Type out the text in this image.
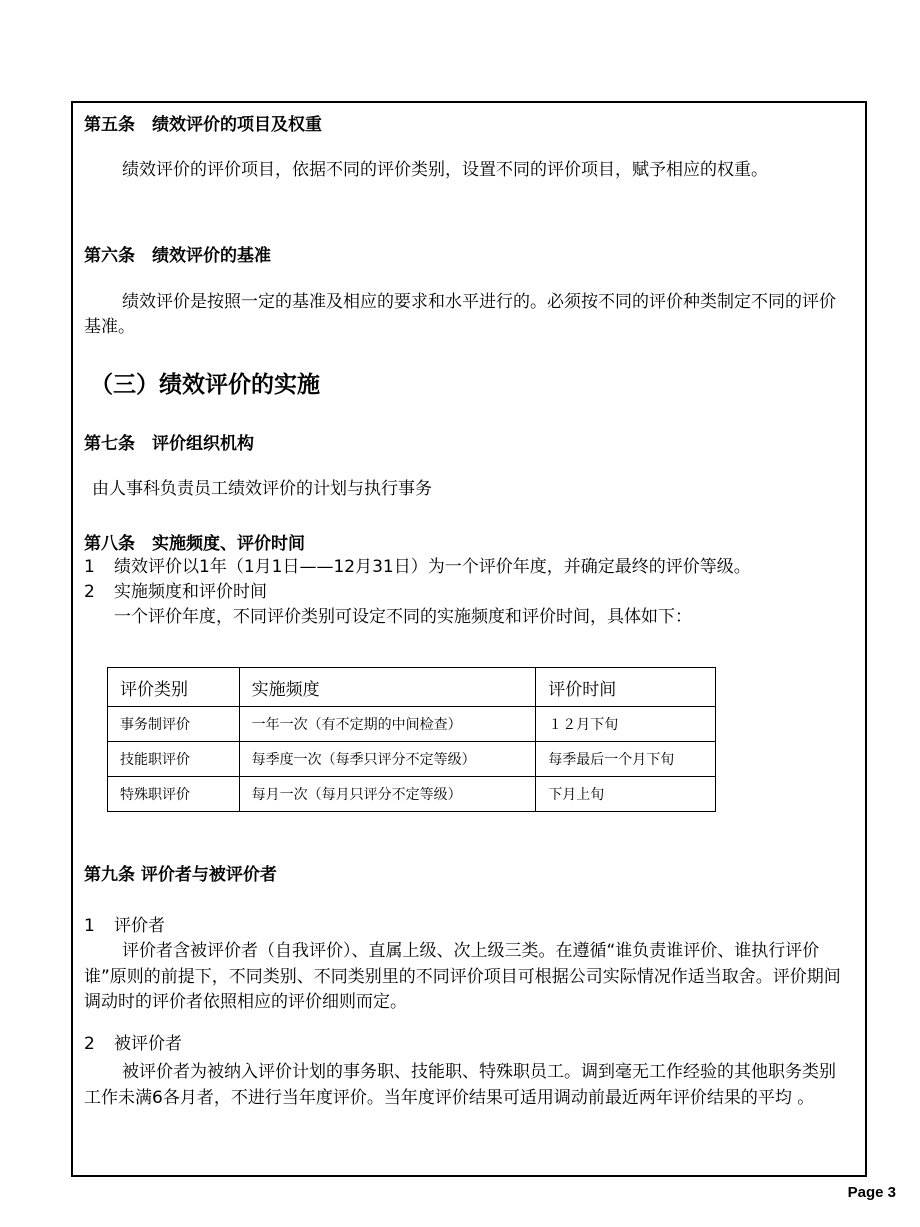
第五条　绩效评价的项目及权重
绩效评价的评价项目，依据不同的评价类别，设置不同的评价项目，赋予相应的权重。
第六条　绩效评价的基准
绩效评价是按照一定的基准及相应的要求和水平进行的。必须按不同的评价种类制定不同的评价基准。
（三）绩效评价的实施
第七条　评价组织机构
由人事科负责员工绩效评价的计划与执行事务
第八条　实施频度、评价时间
1 绩效评价以1年（1月1日——12月31日）为一个评价年度，并确定最终的评价等级。
2 实施频度和评价时间
一个评价年度，不同评价类别可设定不同的实施频度和评价时间，具体如下：
评价类别	实施频度	评价时间
事务制评价	一年一次（有不定期的中间检查）	１２月下旬
技能职评价	每季度一次（每季只评分不定等级）	每季最后一个月下旬
特殊职评价	每月一次（每月只评分不定等级）	下月上旬
第九条 评价者与被评价者
1 评价者
评价者含被评价者（自我评价）、直属上级、次上级三类。在遵循“谁负责谁评价、谁执行评价谁”原则的前提下，不同类别、不同类别里的不同评价项目可根据公司实际情况作适当取舍。评价期间调动时的评价者依照相应的评价细则而定。
2 被评价者
被评价者为被纳入评价计划的事务职、技能职、特殊职员工。调到毫无工作经验的其他职务类别工作未满6各月者，不进行当年度评价。当年度评价结果可适用调动前最近两年评价结果的平均 。
Page 3
